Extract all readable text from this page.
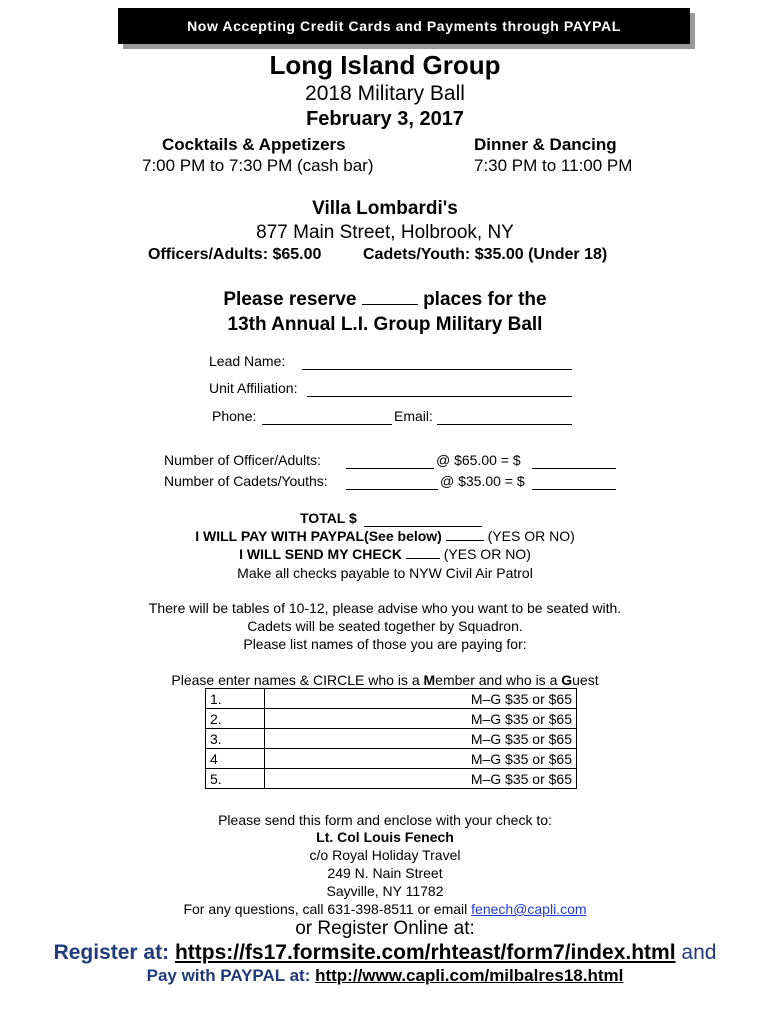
Now Accepting Credit Cards and Payments through PAYPAL
Long Island Group
2018 Military Ball
February 3, 2017
Cocktails & Appetizers
7:00 PM to 7:30 PM (cash bar)
Dinner & Dancing
7:30 PM to 11:00 PM
Villa Lombardi's
877 Main Street, Holbrook, NY
Officers/Adults: $65.00	Cadets/Youth: $35.00 (Under 18)
Please reserve	places for the
13th Annual L.I. Group Military Ball
Lead Name:
Unit Affiliation:
Phone:	Email:
Number of Officer/Adults:	@ $65.00 = $
Number of Cadets/Youths:	@ $35.00 = $
TOTAL $
I WILL PAY WITH PAYPAL(See below)	(YES OR NO)
I WILL SEND MY CHECK	(YES OR NO)
Make all checks payable to NYW Civil Air Patrol
There will be tables of 10-12, please advise who you want to be seated with.
Cadets will be seated together by Squadron.
Please list names of those you are paying for:
Please enter names & CIRCLE who is a Member and who is a Guest
1.	M–G $35 or $65
2.	M–G $35 or $65
3.	M–G $35 or $65
4	M–G $35 or $65
5.	M–G $35 or $65
Please send this form and enclose with your check to:
Lt. Col Louis Fenech
c/o Royal Holiday Travel
249 N. Nain Street
Sayville, NY 11782
For any questions, call 631-398-8511 or email fenech@capli.com
or Register Online at:
Register at: https://fs17.formsite.com/rhteast/form7/index.html and
Pay with PAYPAL at: http://www.capli.com/milbalres18.html
